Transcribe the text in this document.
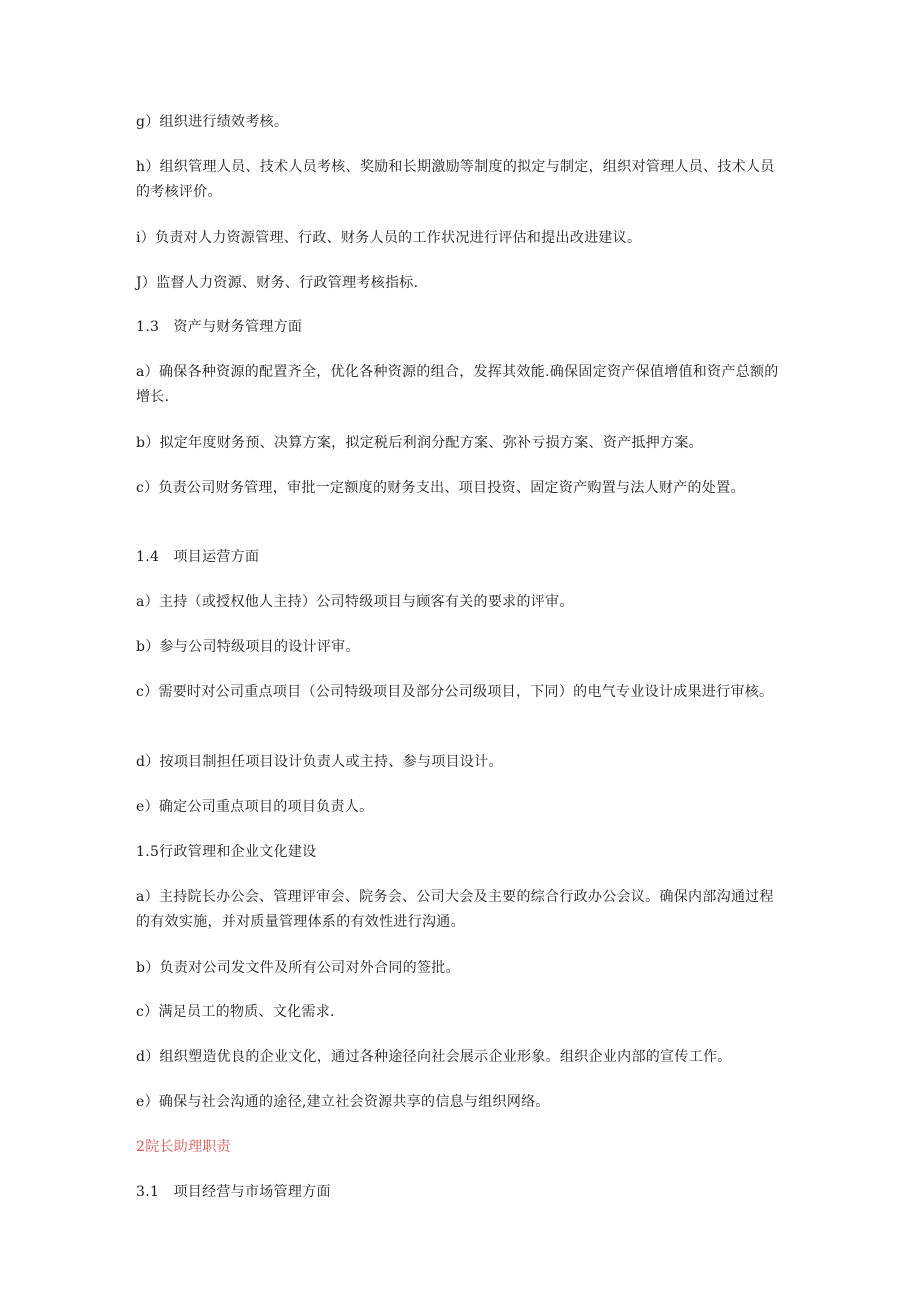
g）组织进行绩效考核。

h）组织管理人员、技术人员考核、奖励和长期激励等制度的拟定与制定，组织对管理人员、技术人员的考核评价。

i）负责对人力资源管理、行政、财务人员的工作状况进行评估和提出改进建议。

J）监督人力资源、财务、行政管理考核指标.

1.3　资产与财务管理方面

a）确保各种资源的配置齐全，优化各种资源的组合，发挥其效能.确保固定资产保值增值和资产总额的增长.

b）拟定年度财务预、决算方案，拟定税后利润分配方案、弥补亏损方案、资产抵押方案。

c）负责公司财务管理，审批一定额度的财务支出、项目投资、固定资产购置与法人财产的处置。

1.4　项目运营方面

a）主持（或授权他人主持）公司特级项目与顾客有关的要求的评审。

b）参与公司特级项目的设计评审。

c）需要时对公司重点项目（公司特级项目及部分公司级项目，下同）的电气专业设计成果进行审核。

d）按项目制担任项目设计负责人或主持、参与项目设计。

e）确定公司重点项目的项目负责人。

1.5行政管理和企业文化建设

a）主持院长办公会、管理评审会、院务会、公司大会及主要的综合行政办公会议。确保内部沟通过程的有效实施，并对质量管理体系的有效性进行沟通。

b）负责对公司发文件及所有公司对外合同的签批。

c）满足员工的物质、文化需求.

d）组织塑造优良的企业文化，通过各种途径向社会展示企业形象。组织企业内部的宣传工作。

e）确保与社会沟通的途径,建立社会资源共享的信息与组织网络。

2院长助理职责

3.1　项目经营与市场管理方面
